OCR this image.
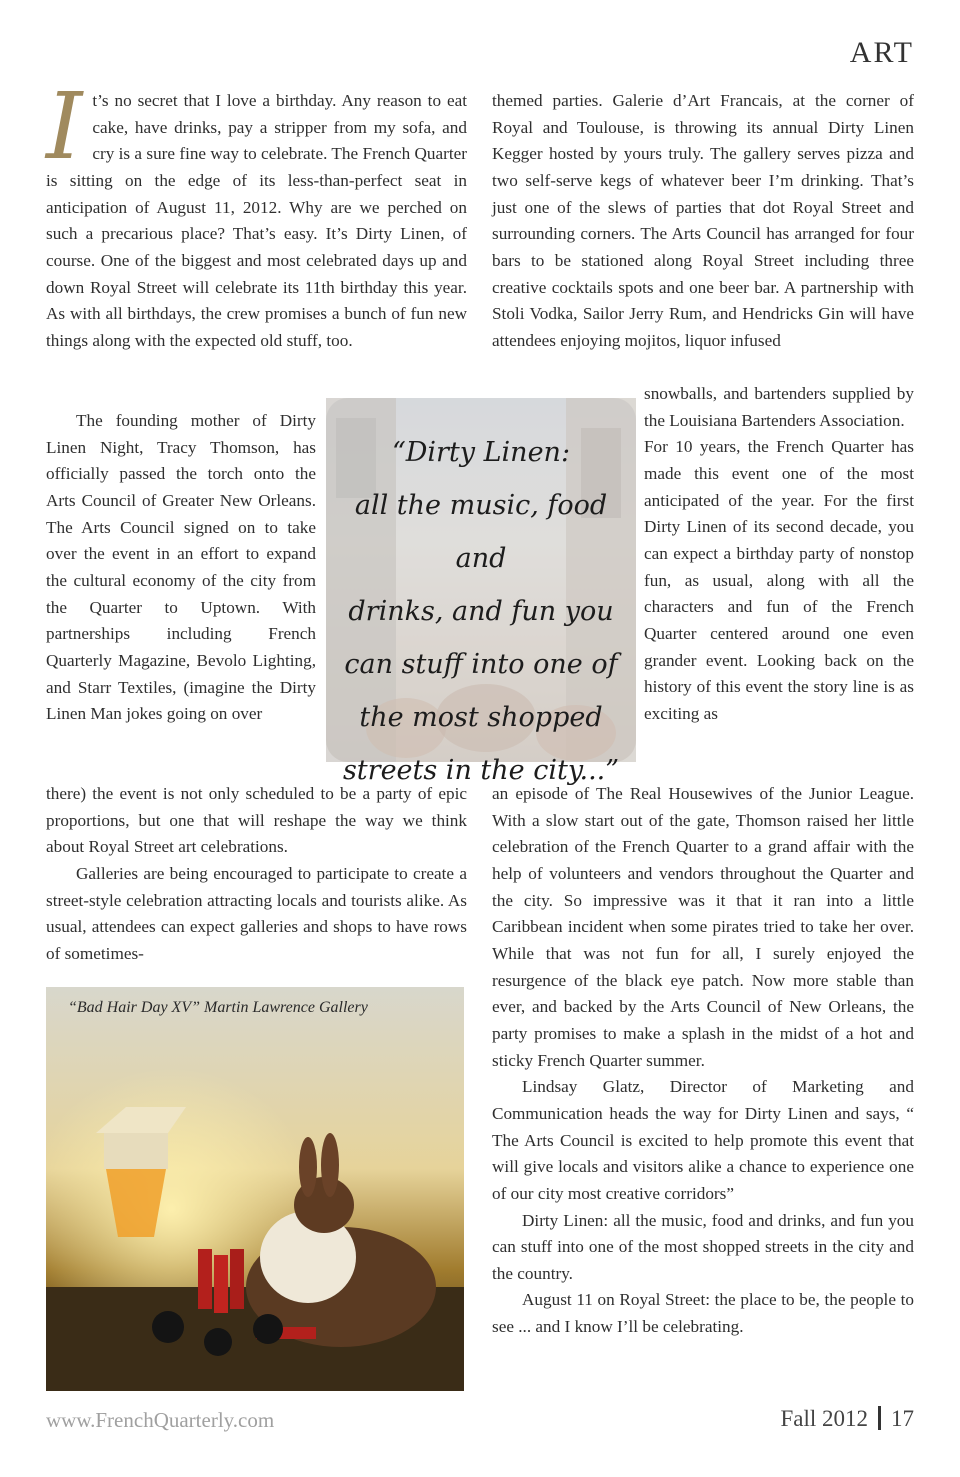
ART

It’s no secret that I love a birthday. Any reason to eat cake, have drinks, pay a stripper from my sofa, and cry is a sure fine way to celebrate. The French Quarter is sitting on the edge of its less-than-perfect seat in anticipation of August 11, 2012. Why are we perched on such a precarious place? That’s easy. It’s Dirty Linen, of course. One of the biggest and most celebrated days up and down Royal Street will celebrate its 11th birthday this year. As with all birthdays, the crew promises a bunch of fun new things along with the expected old stuff, too.

The founding mother of Dirty Linen Night, Tracy Thomson, has officially passed the torch onto the Arts Council of Greater New Orleans. The Arts Council signed on to take over the event in an effort to expand the cultural economy of the city from the Quarter to Uptown. With partnerships including French Quarterly Magazine, Bevolo Lighting, and Starr Textiles, (imagine the Dirty Linen Man jokes going on over

there) the event is not only scheduled to be a party of epic proportions, but one that will reshape the way we think about Royal Street art celebrations.

Galleries are being encouraged to participate to create a street-style celebration attracting locals and tourists alike. As usual, attendees can expect galleries and shops to have rows of sometimes-

themed parties. Galerie d’Art Francais, at the corner of Royal and Toulouse, is throwing its annual Dirty Linen Kegger hosted by yours truly. The gallery serves pizza and two self-serve kegs of whatever beer I’m drinking. That’s just one of the slews of parties that dot Royal Street and surrounding corners. The Arts Council has arranged for four bars to be stationed along Royal Street including three creative cocktails spots and one beer bar. A partnership with Stoli Vodka, Sailor Jerry Rum, and Hendricks Gin will have attendees enjoying mojitos, liquor infused

snowballs, and bartenders supplied by the Louisiana Bartenders Association.

For 10 years, the French Quarter has made this event one of the most anticipated of the year. For the first Dirty Linen of its second decade, you can expect a birthday party of nonstop fun, as usual, along with all the characters and fun of the French Quarter centered around one even grander event. Looking back on the history of this event the story line is as exciting as

an episode of The Real Housewives of the Junior League. With a slow start out of the gate, Thomson raised her little celebration of the French Quarter to a grand affair with the help of volunteers and vendors throughout the Quarter and the city. So impressive was it that it ran into a little Caribbean incident when some pirates tried to take her over. While that was not fun for all, I surely enjoyed the resurgence of the black eye patch. Now more stable than ever, and backed by the Arts Council of New Orleans, the party promises to make a splash in the midst of a hot and sticky French Quarter summer.

Lindsay Glatz, Director of Marketing and Communication heads the way for Dirty Linen and says, “ The Arts Council is excited to help promote this event that will give locals and visitors alike a chance to experience one of our city most creative corridors”

Dirty Linen: all the music, food and drinks, and fun you can stuff into one of the most shopped streets in the city and the country.

August 11 on Royal Street: the place to be, the people to see ... and I know I’ll be celebrating.

“Dirty Linen:
all the music, food and
drinks, and fun you
can stuff into one of
the most shopped
streets in the city...”
“Bad Hair Day XV” Martin Lawrence Gallery
www.FrenchQuarterly.com	Fall 2012 17
